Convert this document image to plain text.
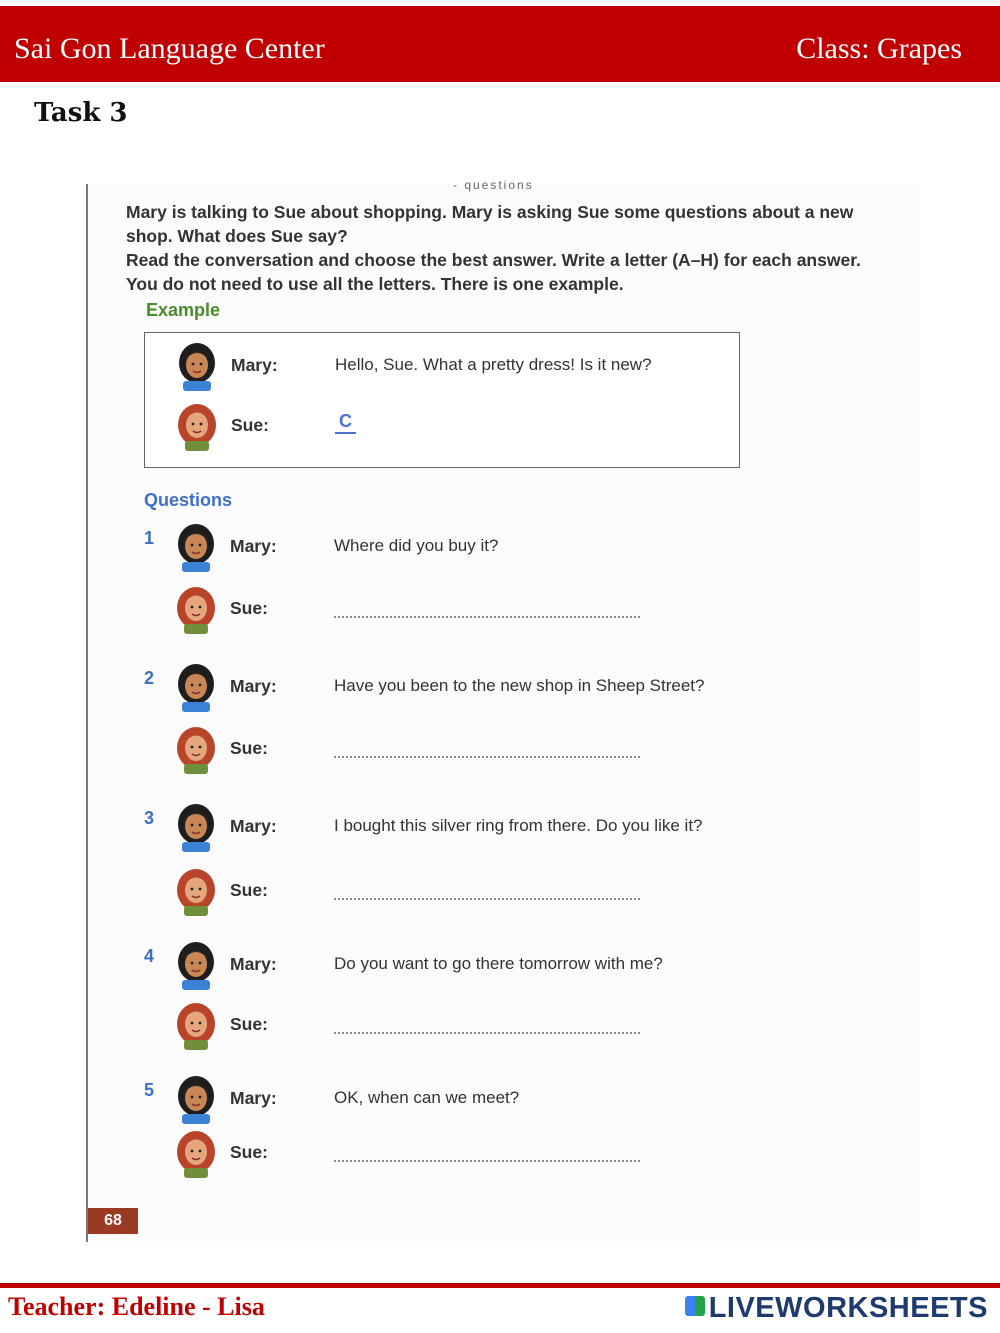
Sai Gon Language Center	Class: Grapes
Task 3
- questions

Mary is talking to Sue about shopping. Mary is asking Sue some questions about a new shop. What does Sue say?

Read the conversation and choose the best answer. Write a letter (A–H) for each answer. You do not need to use all the letters. There is one example.

Example
Mary:	Hello, Sue. What a pretty dress! Is it new?
Sue:	C
Questions
1	Mary:	Where did you buy it?
Sue:
2	Mary:	Have you been to the new shop in Sheep Street?
Sue:
3	Mary:	I bought this silver ring from there. Do you like it?
Sue:
4	Mary:	Do you want to go there tomorrow with me?
Sue:
5	Mary:	OK, when can we meet?
Sue:
68
Teacher: Edeline - Lisa	LIVEWORKSHEETS
